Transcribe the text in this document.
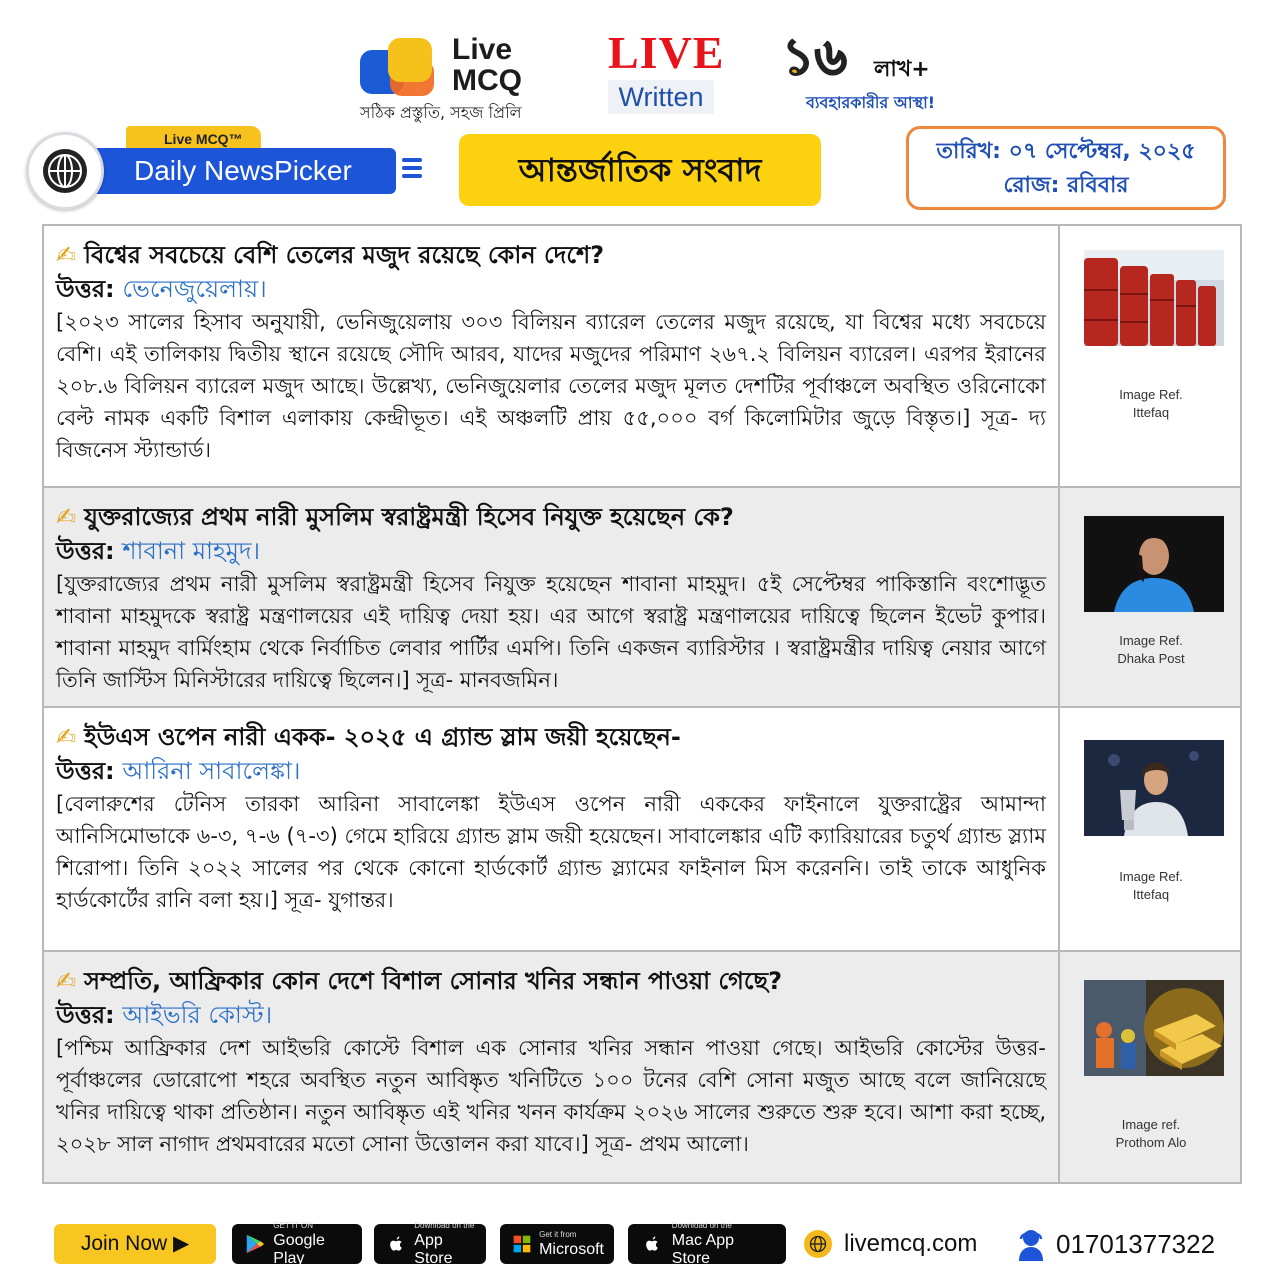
Live MCQ
সঠিক প্রস্তুতি, সহজ প্রিলি
LIVE
Written
১৬ লাখ+
ব্যবহারকারীর আস্থা!
Live MCQ™
Daily NewsPicker	আন্তর্জাতিক সংবাদ	তারিখ: ০৭ সেপ্টেম্বর, ২০২৫
রোজ: রবিবার
✍ বিশ্বের সবচেয়ে বেশি তেলের মজুদ রয়েছে কোন দেশে?
উত্তর: ভেনেজুয়েলায়।
[২০২৩ সালের হিসাব অনুযায়ী, ভেনিজুয়েলায় ৩০৩ বিলিয়ন ব্যারেল তেলের মজুদ রয়েছে, যা বিশ্বের মধ্যে সবচেয়ে বেশি। এই তালিকায় দ্বিতীয় স্থানে রয়েছে সৌদি আরব, যাদের মজুদের পরিমাণ ২৬৭.২ বিলিয়ন ব্যারেল। এরপর ইরানের ২০৮.৬ বিলিয়ন ব্যারেল মজুদ আছে। উল্লেখ্য, ভেনিজুয়েলার তেলের মজুদ মূলত দেশটির পূর্বাঞ্চলে অবস্থিত ওরিনোকো বেল্ট নামক একটি বিশাল এলাকায় কেন্দ্রীভূত। এই অঞ্চলটি প্রায় ৫৫,০০০ বর্গ কিলোমিটার জুড়ে বিস্তৃত।] সূত্র- দ্য বিজনেস স্ট্যান্ডার্ড।
Image Ref.
Ittefaq
✍ যুক্তরাজ্যের প্রথম নারী মুসলিম স্বরাষ্ট্রমন্ত্রী হিসেব নিযুক্ত হয়েছেন কে?
উত্তর: শাবানা মাহমুদ।
[যুক্তরাজ্যের প্রথম নারী মুসলিম স্বরাষ্ট্রমন্ত্রী হিসেব নিযুক্ত হয়েছেন শাবানা মাহমুদ। ৫ই সেপ্টেম্বর পাকিস্তানি বংশোদ্ভূত শাবানা মাহমুদকে স্বরাষ্ট্র মন্ত্রণালয়ের এই দায়িত্ব দেয়া হয়। এর আগে স্বরাষ্ট্র মন্ত্রণালয়ের দায়িত্বে ছিলেন ইভেট কুপার। শাবানা মাহমুদ বার্মিংহাম থেকে নির্বাচিত লেবার পার্টির এমপি। তিনি একজন ব্যারিস্টার । স্বরাষ্ট্রমন্ত্রীর দায়িত্ব নেয়ার আগে তিনি জাস্টিস মিনিস্টারের দায়িত্বে ছিলেন।] সূত্র- মানবজমিন।
Image Ref.
Dhaka Post
✍ ইউএস ওপেন নারী একক- ২০২৫ এ গ্র্যান্ড স্লাম জয়ী হয়েছেন-
উত্তর: আরিনা সাবালেঙ্কা।
[বেলারুশের টেনিস তারকা আরিনা সাবালেঙ্কা ইউএস ওপেন নারী এককের ফাইনালে যুক্তরাষ্ট্রের আমান্দা আনিসিমোভাকে ৬-৩, ৭-৬ (৭-৩) গেমে হারিয়ে গ্র্যান্ড স্লাম জয়ী হয়েছেন। সাবালেঙ্কার এটি ক্যারিয়ারের চতুর্থ গ্র্যান্ড স্ল্যাম শিরোপা। তিনি ২০২২ সালের পর থেকে কোনো হার্ডকোর্ট গ্র্যান্ড স্ল্যামের ফাইনাল মিস করেননি। তাই তাকে আধুনিক হার্ডকোর্টের রানি বলা হয়।] সূত্র- যুগান্তর।
Image Ref.
Ittefaq
✍ সম্প্রতি, আফ্রিকার কোন দেশে বিশাল সোনার খনির সন্ধান পাওয়া গেছে?
উত্তর: আইভরি কোস্ট।
[পশ্চিম আফ্রিকার দেশ আইভরি কোস্টে বিশাল এক সোনার খনির সন্ধান পাওয়া গেছে। আইভরি কোস্টের উত্তর-পূর্বাঞ্চলের ডোরোপো শহরে অবস্থিত নতুন আবিষ্কৃত খনিটিতে ১০০ টনের বেশি সোনা মজুত আছে বলে জানিয়েছে খনির দায়িত্বে থাকা প্রতিষ্ঠান। নতুন আবিষ্কৃত এই খনির খনন কার্যক্রম ২০২৬ সালের শুরুতে শুরু হবে। আশা করা হচ্ছে, ২০২৮ সাল নাগাদ প্রথমবারের মতো সোনা উত্তোলন করা যাবে।] সূত্র- প্রথম আলো।
Image ref.
Prothom Alo
Join Now ▶
GET IT ON
Google Play
Download on the
App Store
Get it from
Microsoft
Download on the
Mac App Store
livemcq.com	01701377322
